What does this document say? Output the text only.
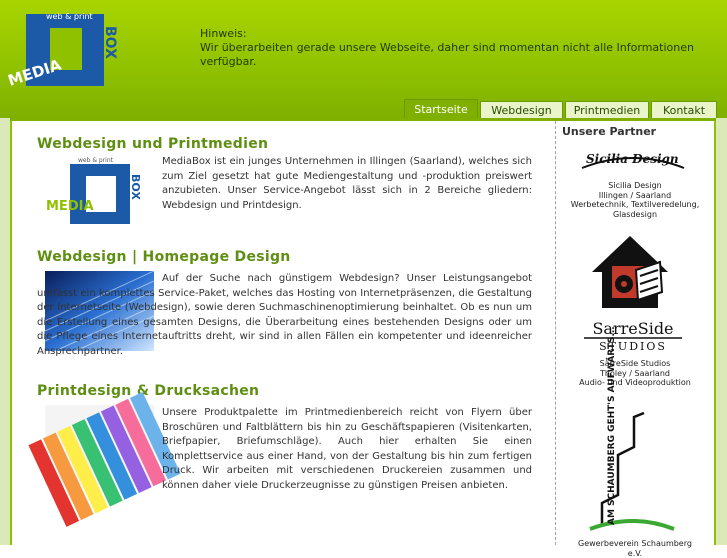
web & print
MEDIA
BOX	Hinweis:
Wir überarbeiten gerade unsere Webseite, daher sind momentan nicht alle Informationen verfügbar.
Startseite	Webdesign	Printmedien	Kontakt
Webdesign und Printmedien
web & print
MEDIA
BOX
MediaBox ist ein junges Unternehmen in Illingen (Saarland), welches sich zum Ziel gesetzt hat gute Mediengestaltung und -produktion preiswert anzubieten. Unser Service-Angebot lässt sich in 2 Bereiche gliedern: Webdesign und Printdesign.
Webdesign | Homepage Design
Auf der Suche nach günstigem Webdesign? Unser Leistungsangebot umfasst ein komplettes Service-Paket, welches das Hosting von Internetpräsenzen, die Gestaltung der Internetseite (Webdesign), sowie deren Suchmaschinenoptimierung beinhaltet. Ob es nun um die Erstellung eines gesamten Designs, die Überarbeitung eines bestehenden Designs oder um die Pflege eines Internetauftritts dreht, wir sind in allen Fällen ein kompetenter und ideenreicher Ansprechpartner.
Printdesign & Drucksachen
Unsere Produktpalette im Printmedienbereich reicht von Flyern über Broschüren und Faltblättern bis hin zu Geschäftspapieren (Visitenkarten, Briefpapier, Briefumschläge). Auch hier erhalten Sie einen Komplettservice aus einer Hand, von der Gestaltung bis hin zum fertigen Druck. Wir arbeiten mit verschiedenen Druckereien zusammen und können daher viele Druckerzeugnisse zu günstigen Preisen anbieten.
Unsere Partner
Sicilia Design
Sicilia Design
Illingen / Saarland
Werbetechnik, Textilveredelung,
Glasdesign
SarreSide
STUDIOS
SarreSide Studios
Tholey / Saarland
Audio- und Videoproduktion
AM SCHAUMBERG GEHT'S AUFWÄRTS...
Gewerbeverein Schaumberg e.V.
